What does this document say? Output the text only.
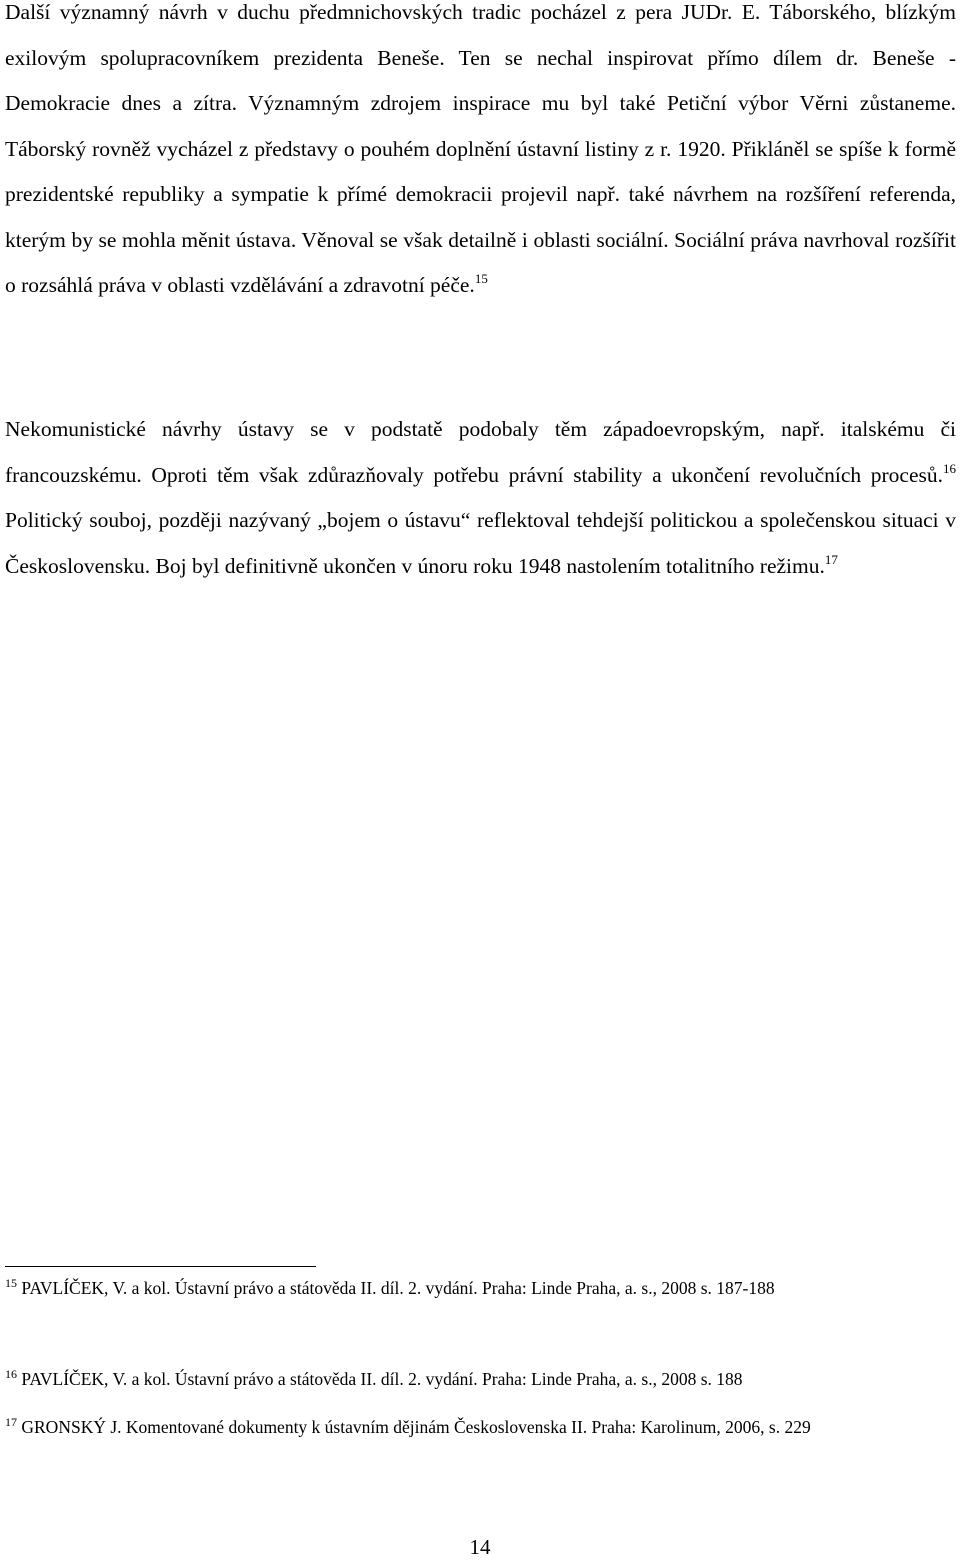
Další významný návrh v duchu předmnichovských tradic pocházel z pera JUDr. E. Táborského, blízkým exilovým spolupracovníkem prezidenta Beneše. Ten se nechal inspirovat přímo dílem dr. Beneše - Demokracie dnes a zítra. Významným zdrojem inspirace mu byl také Petiční výbor Věrni zůstaneme. Táborský rovněž vycházel z představy o pouhém doplnění ústavní listiny z r. 1920. Přikláněl se spíše k formě prezidentské republiky a sympatie k přímé demokracii projevil např. také návrhem na rozšíření referenda, kterým by se mohla měnit ústava. Věnoval se však detailně i oblasti sociální. Sociální práva navrhoval rozšířit o rozsáhlá práva v oblasti vzdělávání a zdravotní péče.$^{15}$

Nekomunistické návrhy ústavy se v podstatě podobaly těm západoevropským, např. italskému či francouzskému. Oproti těm však zdůrazňovaly potřebu právní stability a ukončení revolučních procesů.$^{16}$ Politický souboj, později nazývaný „bojem o ústavu“ reflektoval tehdejší politickou a společenskou situaci v Československu. Boj byl definitivně ukončen v únoru roku 1948 nastolením totalitního režimu.$^{17}$

$^{15}$ PAVLÍČEK, V. a kol. Ústavní právo a státověda II. díl. 2. vydání. Praha: Linde Praha, a. s., 2008 s. 187-188

$^{16}$ PAVLÍČEK, V. a kol. Ústavní právo a státověda II. díl. 2. vydání. Praha: Linde Praha, a. s., 2008 s. 188

$^{17}$ GRONSKÝ J. Komentované dokumenty k ústavním dějinám Československa II. Praha: Karolinum, 2006, s. 229

14
